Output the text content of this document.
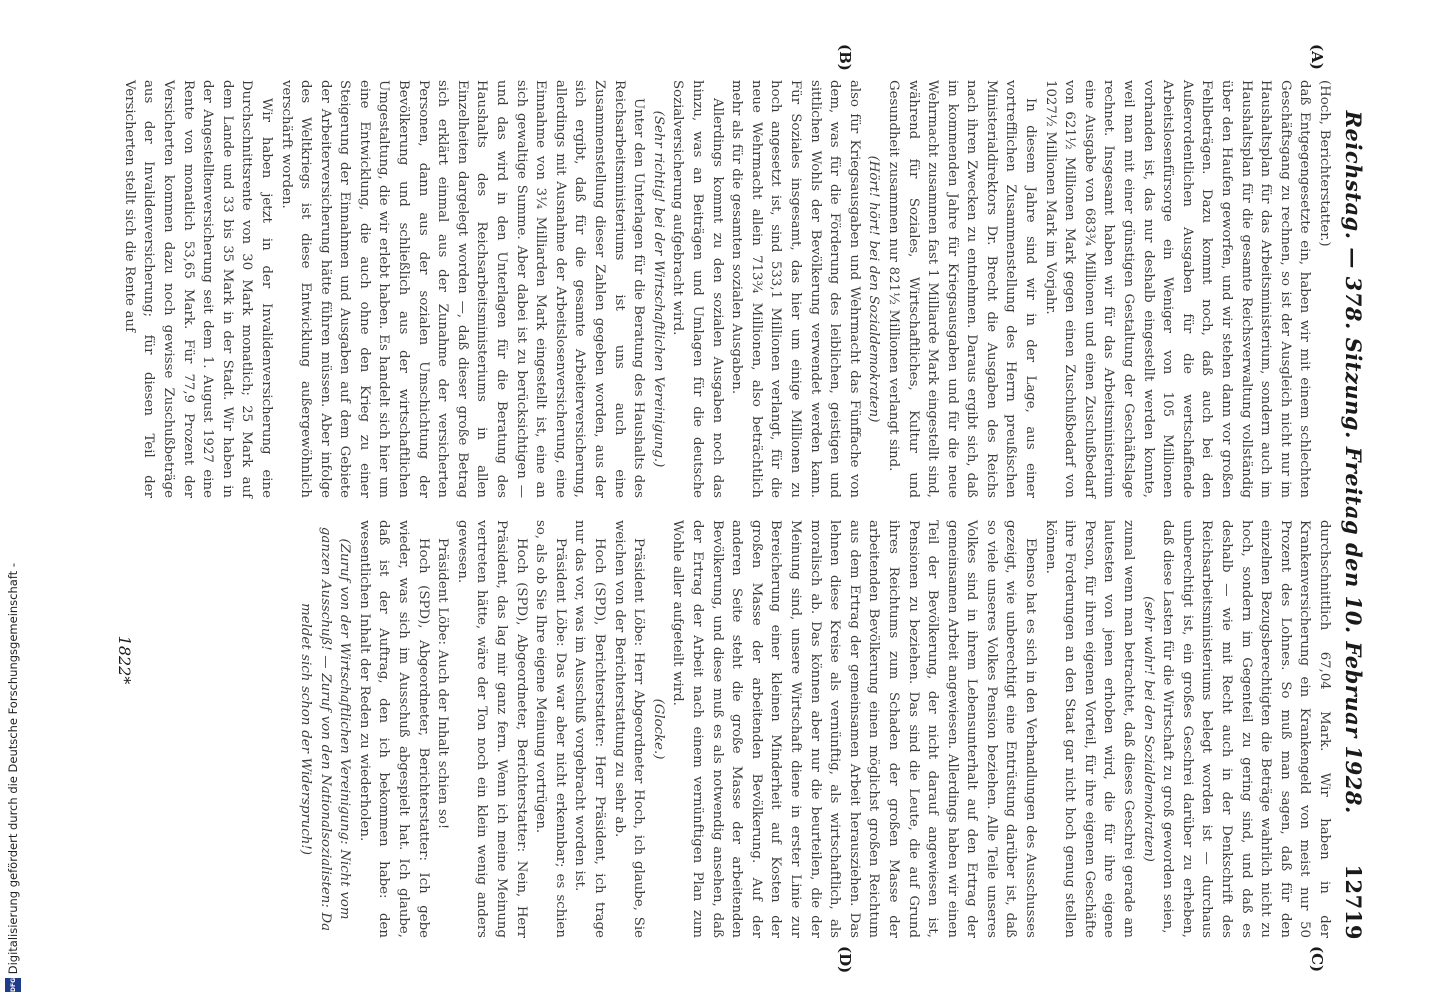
Reichstag. — 378. Sitzung. Freitag den 10. Februar 1928.
12719
(A)
(B)
(C)
(D)

(Hoch, Berichterstatter.)

daß Entgegengesetzte ein, haben wir mit einem schlechten Geschäftsgang zu rechnen, so ist der Ausgleich nicht nur im Haushaltsplan für das Arbeitsministerium, sondern auch im Haushaltsplan für die gesamte Reichsverwaltung vollständig über den Haufen geworfen, und wir stehen dann vor großen Fehlbeträgen. Dazu kommt noch, daß auch bei den Außerordentlichen Ausgaben für die wertschaffende Arbeitslosenfürsorge ein Weniger von 105 Millionen vorhanden ist, das nur deshalb eingestellt werden konnte, weil man mit einer günstigen Gestaltung der Geschäftslage rechnet. Insgesamt haben wir für das Arbeitsministerium eine Ausgabe von 683¾ Millionen und einen Zuschußbedarf von 621½ Millionen Mark gegen einen Zuschußbedarf von 1027½ Millionen Mark im Vorjahr.

In diesem Jahre sind wir in der Lage, aus einer vortrefflichen Zusammenstellung des Herrn preußischen Ministerialdirektors Dr. Brecht die Ausgaben des Reichs nach ihren Zwecken zu entnehmen. Daraus ergibt sich, daß im kommenden Jahre für Kriegsausgaben und für die neue Wehrmacht zusammen fast 1 Milliarde Mark eingestellt sind, während für Soziales, Wirtschaftliches, Kultur und Gesundheit zusammen nur 821½ Millionen verlangt sind.

(Hört! hört! bei den Sozialdemokraten)

also für Kriegsausgaben und Wehrmacht das Fünffache von dem, was für die Förderung des leiblichen, geistigen und sittlichen Wohls der Bevölkerung verwendet werden kann. Für Soziales insgesamt, das hier um einige Millionen zu hoch angesetzt ist, sind 533,1 Millionen verlangt, für die neue Wehrmacht allein 713¾ Millionen, also beträchtlich mehr als für die gesamten sozialen Ausgaben.

Allerdings kommt zu den sozialen Ausgaben noch das hinzu, was an Beiträgen und Umlagen für die deutsche Sozialversicherung aufgebracht wird.

(Sehr richtig! bei der Wirtschaftlichen Vereinigung.)

Unter den Unterlagen für die Beratung des Haushalts des Reichsarbeitsministeriums ist uns auch eine Zusammenstellung dieser Zahlen gegeben worden, aus der sich ergibt, daß für die gesamte Arbeiterversicherung, allerdings mit Ausnahme der Arbeitslosenversicherung, eine Einnahme von 3¼ Milliarden Mark eingestellt ist, eine an sich gewaltige Summe. Aber dabei ist zu berücksichtigen — und das wird in den Unterlagen für die Beratung des Haushalts des Reichsarbeitsministeriums in allen Einzelheiten dargelegt worden —, daß dieser große Betrag sich erklärt einmal aus der Zunahme der versicherten Personen, dann aus der sozialen Umschichtung der Bevölkerung und schließlich aus der wirtschaftlichen Umgestaltung, die wir erlebt haben. Es handelt sich hier um eine Entwicklung, die auch ohne den Krieg zu einer Steigerung der Einnahmen und Ausgaben auf dem Gebiete der Arbeiterversicherung hätte führen müssen. Aber infolge des Weltkriegs ist diese Entwicklung außergewöhnlich verschärft worden.

Wir haben jetzt in der Invalidenversicherung eine Durchschnittsrente von 30 Mark monatlich; 25 Mark auf dem Lande und 33 bis 35 Mark in der Stadt. Wir haben in der Angestelltenversicherung seit dem 1. August 1927 eine Rente von monatlich 53,65 Mark. Für 77,9 Prozent der Versicherten kommen dazu noch gewisse Zuschußbeträge aus der Invalidenversicherung; für diesen Teil der Versicherten stellt sich die Rente auf

durchschnittlich 67,04 Mark. Wir haben in der Krankenversicherung ein Krankengeld von meist nur 50 Prozent des Lohnes. So muß man sagen, daß für den einzelnen Bezugsberechtigten die Beträge wahrlich nicht zu hoch, sondern im Gegenteil zu gering sind, und daß es deshalb — wie mit Recht auch in der Denkschrift des Reichsarbeitsministeriums belegt worden ist — durchaus unberechtigt ist, ein großes Geschrei darüber zu erheben, daß diese Lasten für die Wirtschaft zu groß geworden seien,

(sehr wahr! bei den Sozialdemokraten)

zumal wenn man betrachtet, daß dieses Geschrei gerade am lautesten von jenen erhoben wird, die für ihre eigene Person, für ihren eigenen Vorteil, für ihre eigenen Geschäfte ihre Forderungen an den Staat gar nicht hoch genug stellen können.

Ebenso hat es sich in den Verhandlungen des Ausschusses gezeigt, wie unberechtigt eine Entrüstung darüber ist, daß so viele unseres Volkes Pension beziehen. Alle Teile unseres Volkes sind in ihrem Lebensunterhalt auf den Ertrag der gemeinsamen Arbeit angewiesen. Allerdings haben wir einen Teil der Bevölkerung, der nicht darauf angewiesen ist, Pensionen zu beziehen. Das sind die Leute, die auf Grund ihres Reichtums zum Schaden der großen Masse der arbeitenden Bevölkerung einen möglichst großen Reichtum aus dem Ertrag der gemeinsamen Arbeit herausziehen. Das lehnen diese Kreise als vernünftig, als wirtschaftlich, als moralisch ab. Das können aber nur die beurteilen, die der Meinung sind, unsere Wirtschaft diene in erster Linie zur Bereicherung einer kleinen Minderheit auf Kosten der großen Masse der arbeitenden Bevölkerung. Auf der anderen Seite steht die große Masse der arbeitenden Bevölkerung, und diese muß es als notwendig ansehen, daß der Ertrag der Arbeit nach einem vernünftigen Plan zum Wohle aller aufgeteilt wird.

(Glocke.)

Präsident Löbe: Herr Abgeordneter Hoch, ich glaube, Sie weichen von der Berichterstattung zu sehr ab.

Hoch (SPD), Berichterstatter: Herr Präsident, ich trage nur das vor, was im Ausschuß vorgebracht worden ist.

Präsident Löbe: Das war aber nicht erkennbar; es schien so, als ob Sie Ihre eigene Meinung vortrügen.

Hoch (SPD), Abgeordneter, Berichterstatter: Nein, Herr Präsident, das lag mir ganz fern. Wenn ich meine Meinung vertreten hätte, wäre der Ton noch ein klein wenig anders gewesen.

Präsident Löbe: Auch der Inhalt schien so!

Hoch (SPD), Abgeordneter, Berichterstatter: Ich gebe wieder, was sich im Ausschuß abgespielt hat. Ich glaube, daß ist der Auftrag, den ich bekommen habe: den wesentlichen Inhalt der Reden zu wiederholen.

(Zuruf von der Wirtschaftlichen Vereinigung: Nicht vom ganzen Ausschuß! — Zuruf von den Nationalsozialisten: Da meldet sich schon der Widerspruch!)

1822*
Digitalisierung gefördert durch die Deutsche Forschungsgemeinschaft -
DFG
